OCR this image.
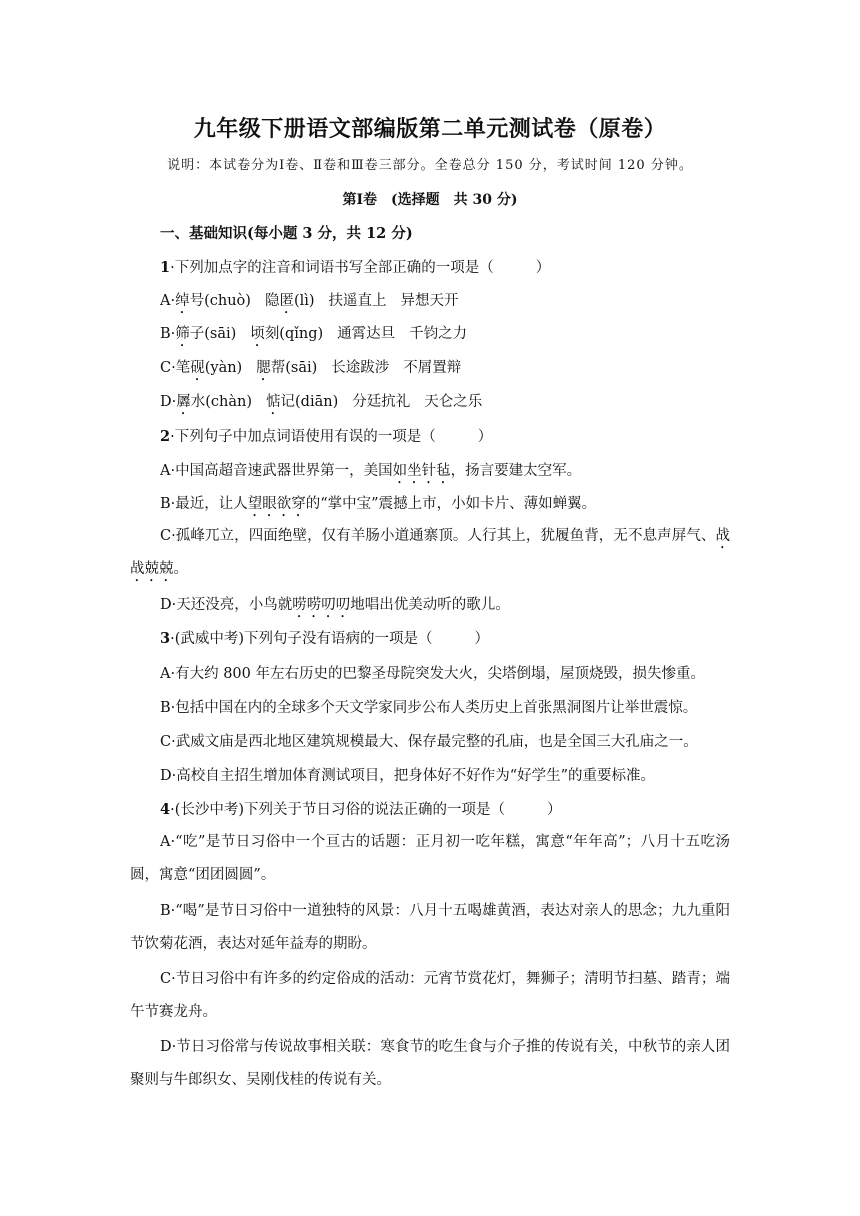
九年级下册语文部编版第二单元测试卷（原卷）
说明：本试卷分为Ⅰ卷、Ⅱ卷和Ⅲ卷三部分。全卷总分 150 分，考试时间 120 分钟。
第Ⅰ卷　(选择题　共 30 分)
一、基础知识(每小题 3 分，共 12 分)
1·下列加点字的注音和词语书写全部正确的一项是（	）
A·绰号(chuò) 隐匿(lì) 扶遥直上 异想天开
B·筛子(sāi) 顷刻(qǐng) 通霄达旦 千钧之力
C·笔砚(yàn) 腮帮(sāi) 长途跋涉 不屑置辩
D·羼水(chàn) 惦记(diān) 分廷抗礼 天仑之乐
2·下列句子中加点词语使用有误的一项是（	）
A·中国高超音速武器世界第一，美国如坐针毡，扬言要建太空军。
B·最近，让人望眼欲穿的“掌中宝”震撼上市，小如卡片、薄如蝉翼。
C·孤峰兀立，四面绝壁，仅有羊肠小道通寨顶。人行其上，犹履鱼背，无不息声屏气、战战兢兢。
D·天还没亮，小鸟就唠唠叨叨地唱出优美动听的歌儿。
3·(武威中考)下列句子没有语病的一项是（	）
A·有大约 800 年左右历史的巴黎圣母院突发大火，尖塔倒塌，屋顶烧毁，损失惨重。
B·包括中国在内的全球多个天文学家同步公布人类历史上首张黑洞图片让举世震惊。
C·武威文庙是西北地区建筑规模最大、保存最完整的孔庙，也是全国三大孔庙之一。
D·高校自主招生增加体育测试项目，把身体好不好作为“好学生”的重要标准。
4·(长沙中考)下列关于节日习俗的说法正确的一项是（	）
A·“吃”是节日习俗中一个亘古的话题：正月初一吃年糕，寓意“年年高”；八月十五吃汤圆，寓意“团团圆圆”。
B·“喝”是节日习俗中一道独特的风景：八月十五喝雄黄酒，表达对亲人的思念；九九重阳节饮菊花酒，表达对延年益寿的期盼。
C·节日习俗中有许多的约定俗成的活动：元宵节赏花灯，舞狮子；清明节扫墓、踏青；端午节赛龙舟。
D·节日习俗常与传说故事相关联：寒食节的吃生食与介子推的传说有关，中秋节的亲人团聚则与牛郎织女、吴刚伐桂的传说有关。
